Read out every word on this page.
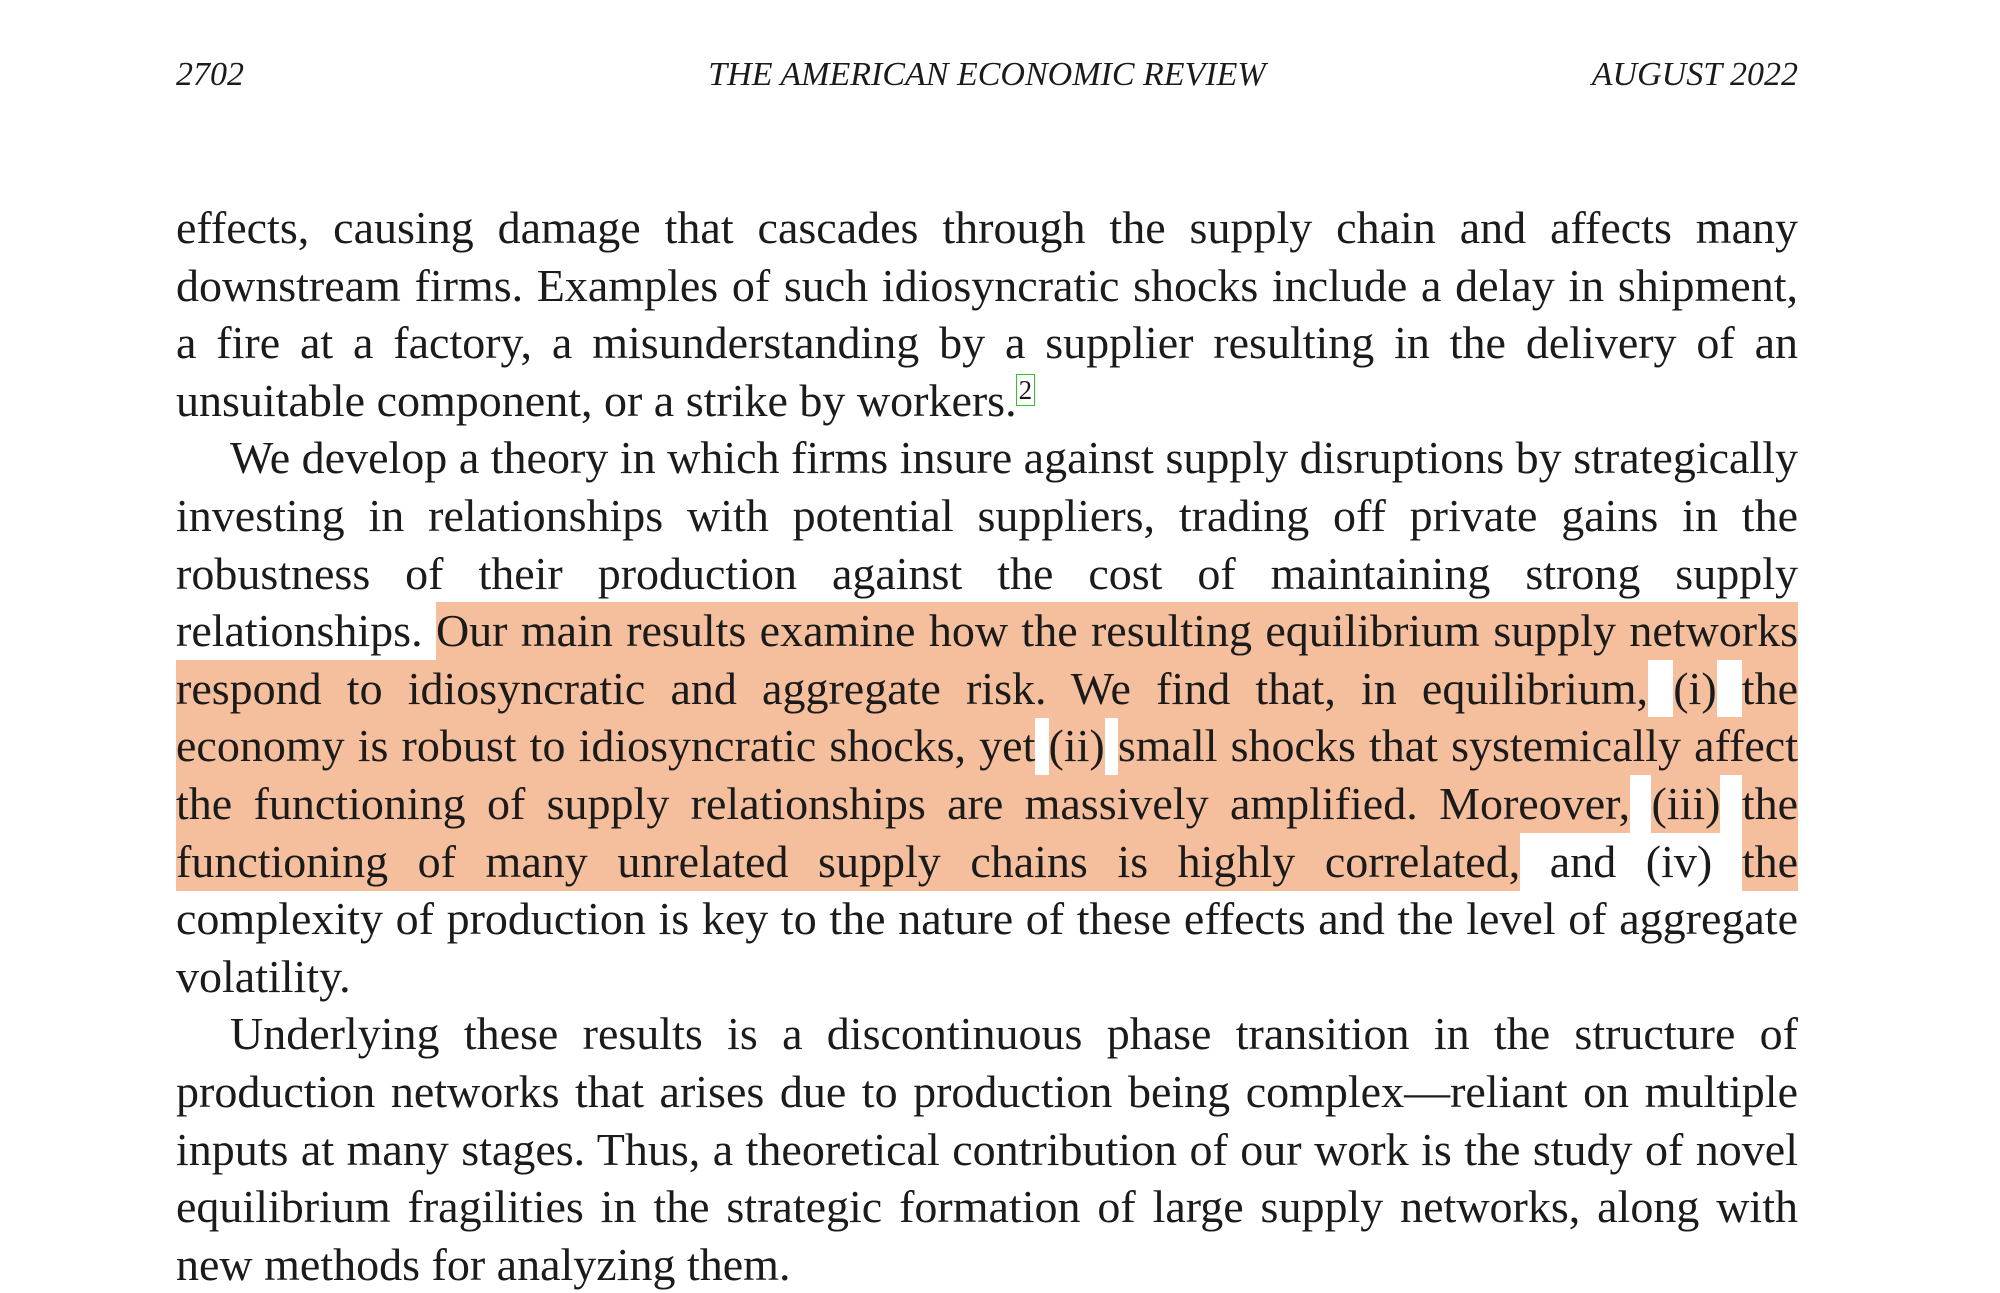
2702	THE AMERICAN ECONOMIC REVIEW	AUGUST 2022

effects, causing damage that cascades through the supply chain and affects many downstream firms. Examples of such idiosyncratic shocks include a delay in shipment, a fire at a factory, a misunderstanding by a supplier resulting in the delivery of an unsuitable component, or a strike by workers.$^2$

We develop a theory in which firms insure against supply disruptions by strategically investing in relationships with potential suppliers, trading off private gains in the robustness of their production against the cost of maintaining strong supply relationships. Our main results examine how the resulting equilibrium supply networks respond to idiosyncratic and aggregate risk. We find that, in equilibrium, (i) the economy is robust to idiosyncratic shocks, yet (ii) small shocks that systemically affect the functioning of supply relationships are massively amplified. Moreover, (iii) the functioning of many unrelated supply chains is highly correlated, and (iv) the complexity of production is key to the nature of these effects and the level of aggregate volatility.

Underlying these results is a discontinuous phase transition in the structure of production networks that arises due to production being complex—reliant on multiple inputs at many stages. Thus, a theoretical contribution of our work is the study of novel equilibrium fragilities in the strategic formation of large supply networks, along with new methods for analyzing them.
